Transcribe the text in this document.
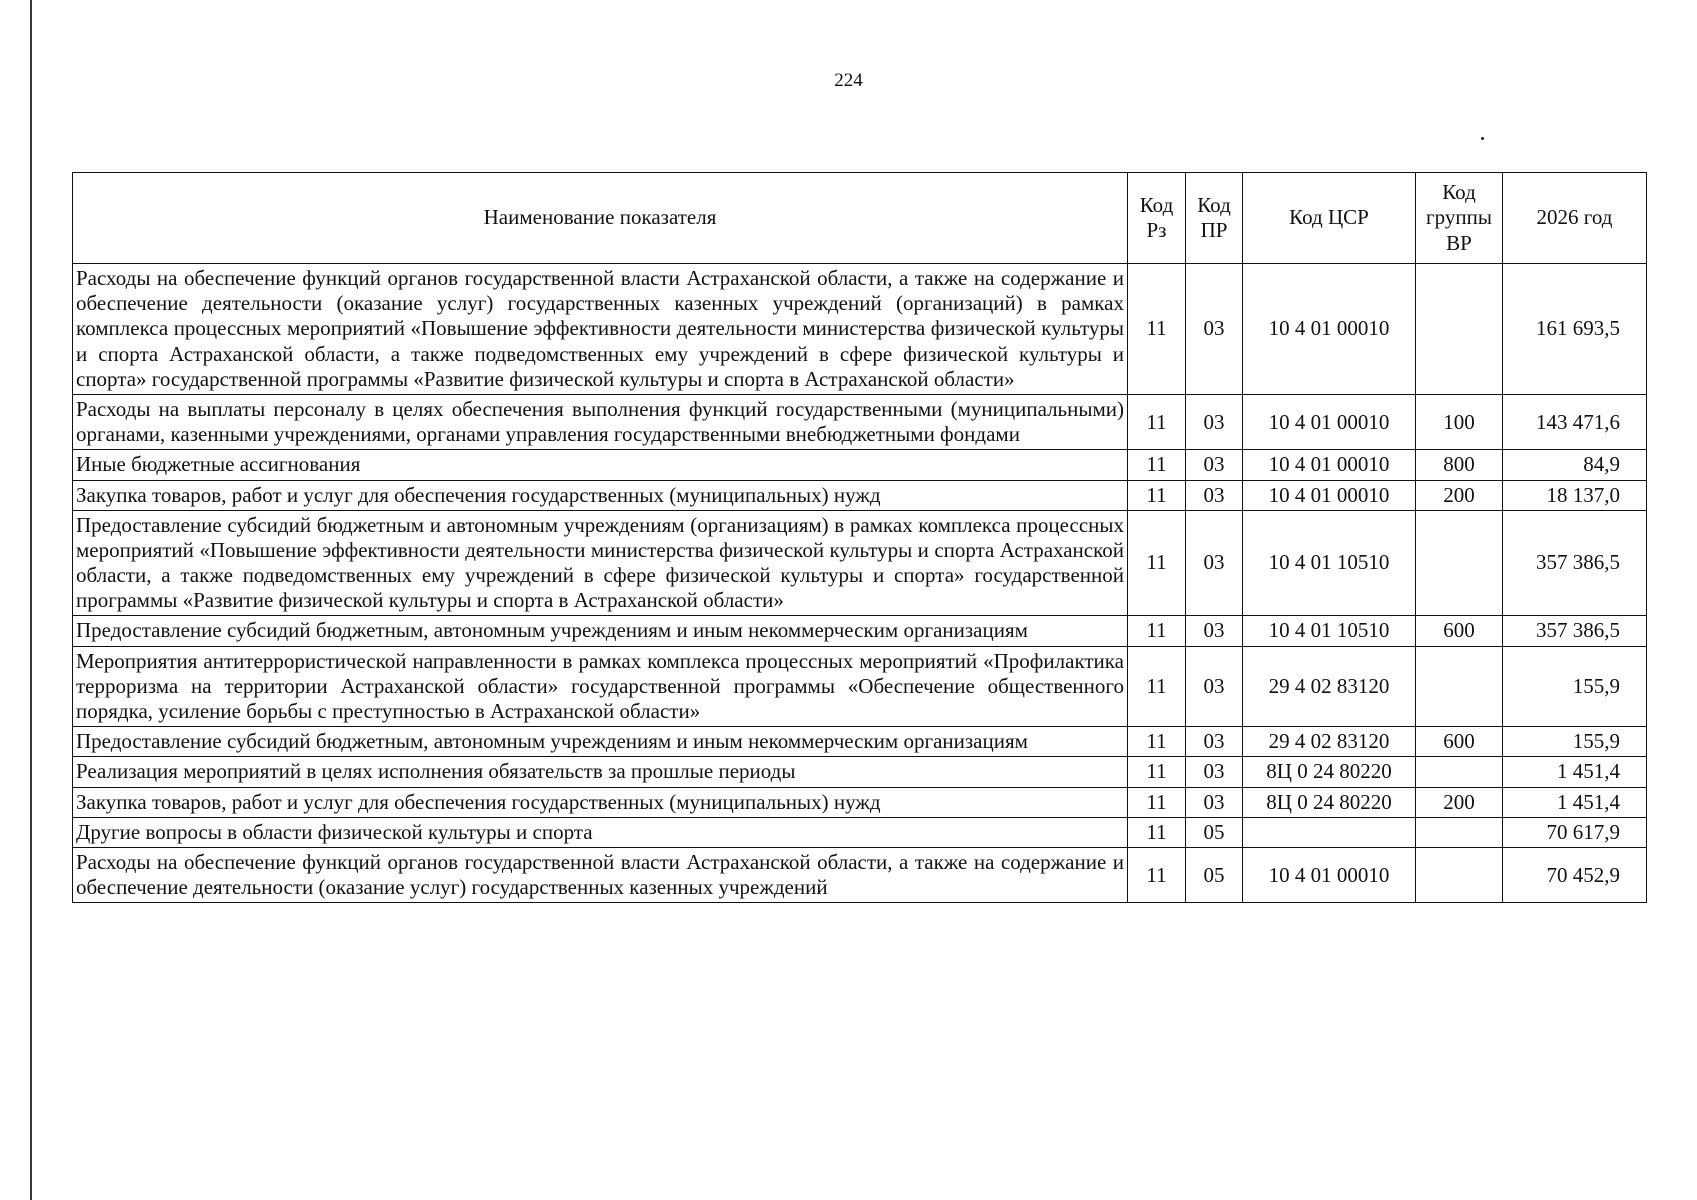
224
Наименование показателя	Код Рз	Код ПР	Код ЦСР	Код группы ВР	2026 год
Расходы на обеспечение функций органов государственной власти Астраханской области, а также на содержание и обеспечение деятельности (оказание услуг) государственных казенных учреждений (организаций) в рамках комплекса процессных мероприятий «Повышение эффективности деятельности министерства физической культуры и спорта Астраханской области, а также подведомственных ему учреждений в сфере физической культуры и спорта» государственной программы «Развитие физической культуры и спорта в Астраханской области»	11	03	10 4 01 00010		161 693,5
Расходы на выплаты персоналу в целях обеспечения выполнения функций государственными (муниципальными) органами, казенными учреждениями, органами управления государственными внебюджетными фондами	11	03	10 4 01 00010	100	143 471,6
Иные бюджетные ассигнования	11	03	10 4 01 00010	800	84,9
Закупка товаров, работ и услуг для обеспечения государственных (муниципальных) нужд	11	03	10 4 01 00010	200	18 137,0
Предоставление субсидий бюджетным и автономным учреждениям (организациям) в рамках комплекса процессных мероприятий «Повышение эффективности деятельности министерства физической культуры и спорта Астраханской области, а также подведомственных ему учреждений в сфере физической культуры и спорта» государственной программы «Развитие физической культуры и спорта в Астраханской области»	11	03	10 4 01 10510		357 386,5
Предоставление субсидий бюджетным, автономным учреждениям и иным некоммерческим организациям	11	03	10 4 01 10510	600	357 386,5
Мероприятия антитеррористической направленности в рамках комплекса процессных мероприятий «Профилактика терроризма на территории Астраханской области» государственной программы «Обеспечение общественного порядка, усиление борьбы с преступностью в Астраханской области»	11	03	29 4 02 83120		155,9
Предоставление субсидий бюджетным, автономным учреждениям и иным некоммерческим организациям	11	03	29 4 02 83120	600	155,9
Реализация мероприятий в целях исполнения обязательств за прошлые периоды	11	03	8Ц 0 24 80220		1 451,4
Закупка товаров, работ и услуг для обеспечения государственных (муниципальных) нужд	11	03	8Ц 0 24 80220	200	1 451,4
Другие вопросы в области физической культуры и спорта	11	05			70 617,9
Расходы на обеспечение функций органов государственной власти Астраханской области, а также на содержание и обеспечение деятельности (оказание услуг) государственных казенных учреждений	11	05	10 4 01 00010		70 452,9
